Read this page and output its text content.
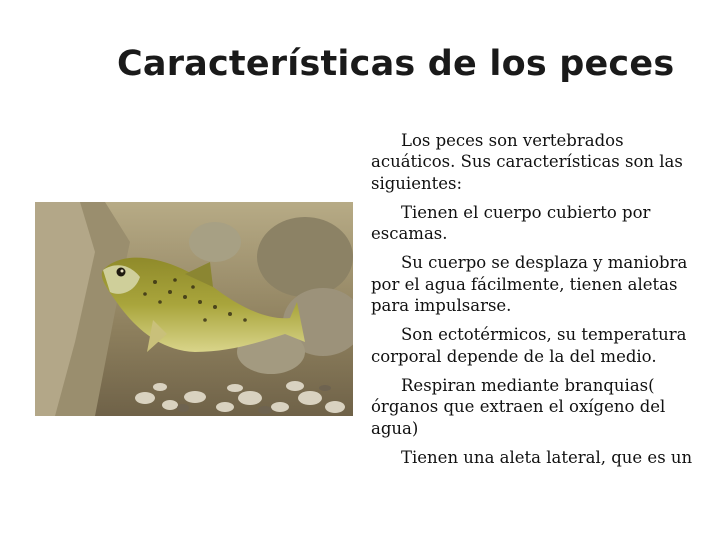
Características de los peces

Los peces son vertebrados acuáticos. Sus características son las siguientes:

Tienen el cuerpo cubierto por escamas.

Su cuerpo se desplaza y maniobra por el agua fácilmente, tienen aletas para impulsarse.

Son ectotérmicos, su temperatura corporal depende de la del medio.

Respiran mediante branquias( órganos que extraen el oxígeno del agua)

Tienen una aleta lateral, que es un
